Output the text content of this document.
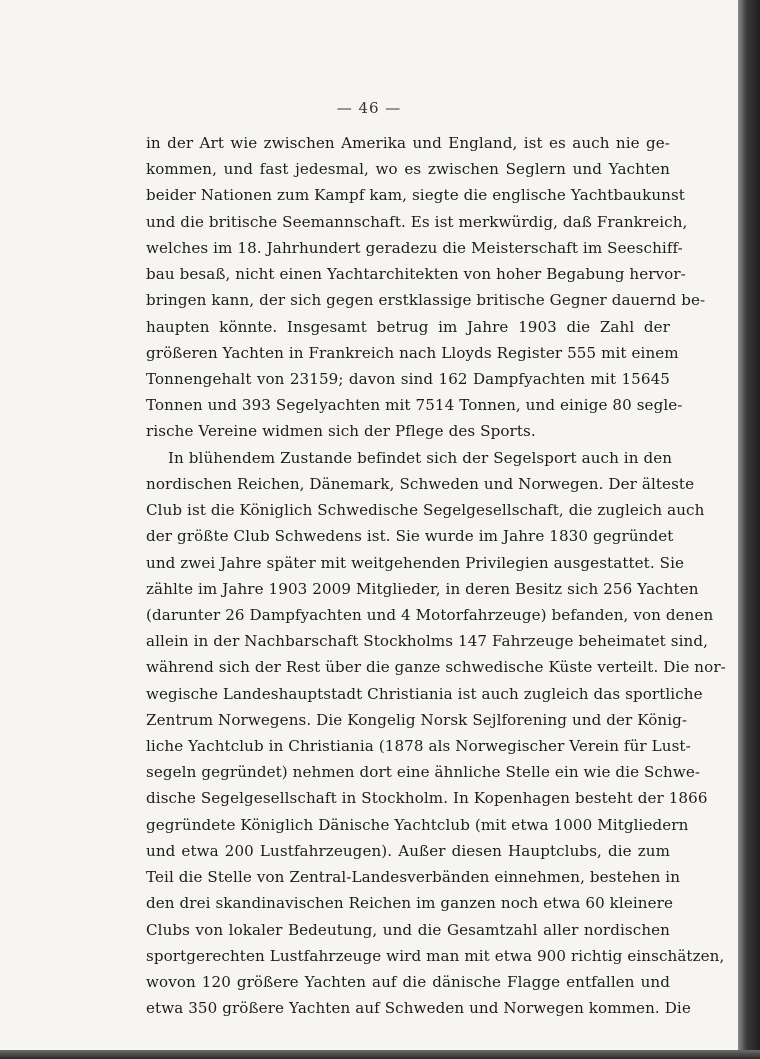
— 46 —
in der Art wie zwischen Amerika und England, ist es auch nie ge-
kommen, und fast jedesmal, wo es zwischen Seglern und Yachten
beider Nationen zum Kampf kam, siegte die englische Yachtbaukunst
und die britische Seemannschaft. Es ist merkwürdig, daß Frankreich,
welches im 18. Jahrhundert geradezu die Meisterschaft im Seeschiff-
bau besaß, nicht einen Yachtarchitekten von hoher Begabung hervor-
bringen kann, der sich gegen erstklassige britische Gegner dauernd be-
haupten könnte. Insgesamt betrug im Jahre 1903 die Zahl der
größeren Yachten in Frankreich nach Lloyds Register 555 mit einem
Tonnengehalt von 23159; davon sind 162 Dampfyachten mit 15645
Tonnen und 393 Segelyachten mit 7514 Tonnen, und einige 80 segle-
rische Vereine widmen sich der Pflege des Sports.
In blühendem Zustande befindet sich der Segelsport auch in den
nordischen Reichen, Dänemark, Schweden und Norwegen. Der älteste
Club ist die Königlich Schwedische Segelgesellschaft, die zugleich auch
der größte Club Schwedens ist. Sie wurde im Jahre 1830 gegründet
und zwei Jahre später mit weitgehenden Privilegien ausgestattet. Sie
zählte im Jahre 1903 2009 Mitglieder, in deren Besitz sich 256 Yachten
(darunter 26 Dampfyachten und 4 Motorfahrzeuge) befanden, von denen
allein in der Nachbarschaft Stockholms 147 Fahrzeuge beheimatet sind,
während sich der Rest über die ganze schwedische Küste verteilt. Die nor-
wegische Landeshauptstadt Christiania ist auch zugleich das sportliche
Zentrum Norwegens. Die Kongelig Norsk Sejlforening und der König-
liche Yachtclub in Christiania (1878 als Norwegischer Verein für Lust-
segeln gegründet) nehmen dort eine ähnliche Stelle ein wie die Schwe-
dische Segelgesellschaft in Stockholm. In Kopenhagen besteht der 1866
gegründete Königlich Dänische Yachtclub (mit etwa 1000 Mitgliedern
und etwa 200 Lustfahrzeugen). Außer diesen Hauptclubs, die zum
Teil die Stelle von Zentral-Landesverbänden einnehmen, bestehen in
den drei skandinavischen Reichen im ganzen noch etwa 60 kleinere
Clubs von lokaler Bedeutung, und die Gesamtzahl aller nordischen
sportgerechten Lustfahrzeuge wird man mit etwa 900 richtig einschätzen,
wovon 120 größere Yachten auf die dänische Flagge entfallen und
etwa 350 größere Yachten auf Schweden und Norwegen kommen. Die
